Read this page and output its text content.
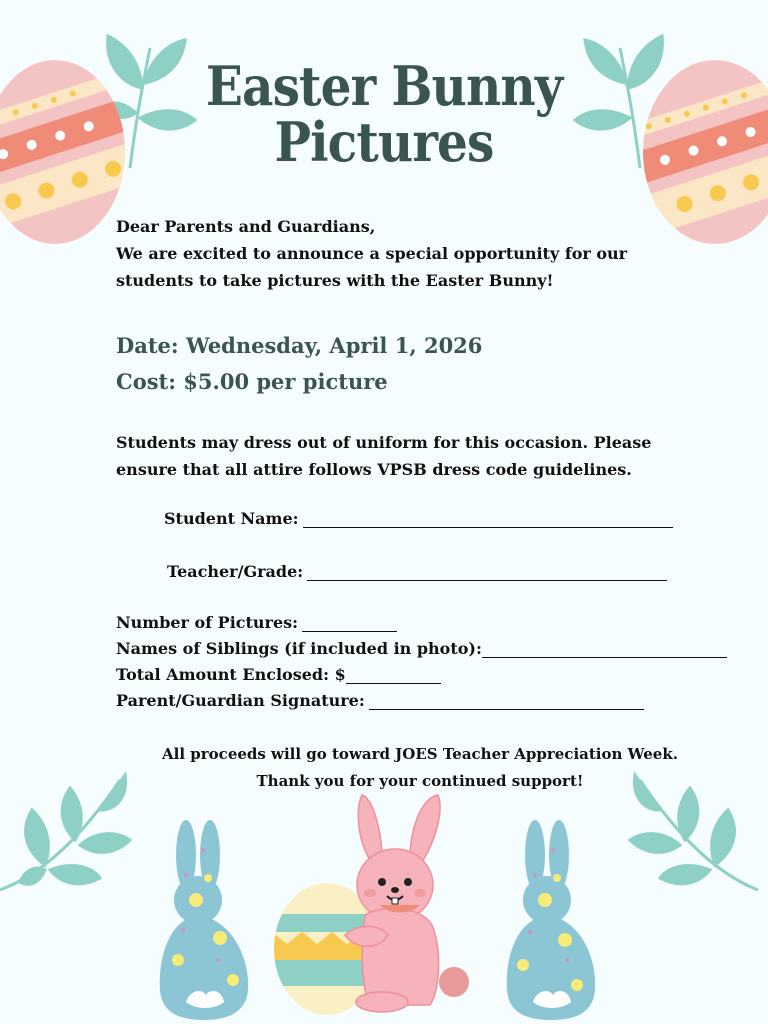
Easter Bunny
Pictures
Dear Parents and Guardians,
We are excited to announce a special opportunity for our students to take pictures with the Easter Bunny!
Date: Wednesday, April 1, 2026
Cost: $5.00 per picture
Students may dress out of uniform for this occasion. Please ensure that all attire follows VPSB dress code guidelines.
Student Name:
Teacher/Grade:
Number of Pictures:
Names of Siblings (if included in photo):
Total Amount Enclosed: $
Parent/Guardian Signature:
All proceeds will go toward JOES Teacher Appreciation Week.
Thank you for your continued support!
